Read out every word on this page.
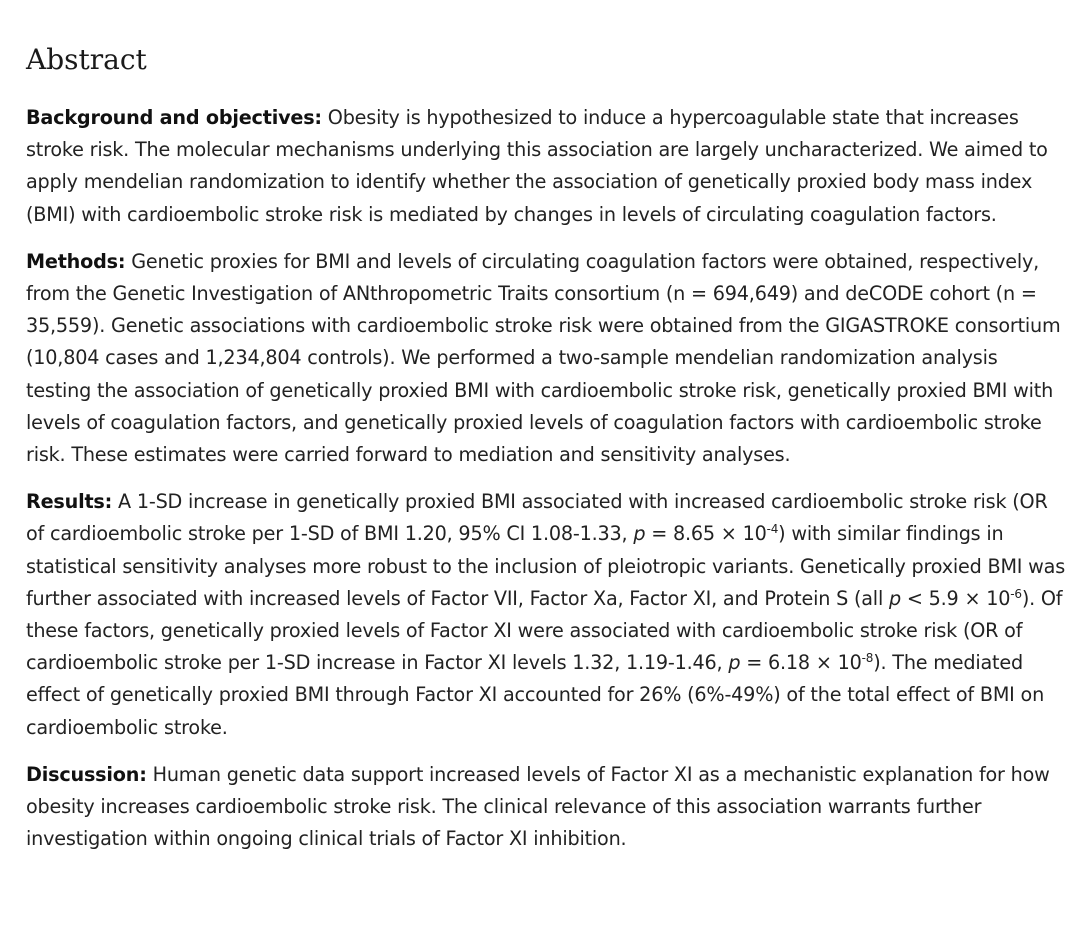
Abstract

Background and objectives: Obesity is hypothesized to induce a hypercoagulable state that increases stroke risk. The molecular mechanisms underlying this association are largely uncharacterized. We aimed to apply mendelian randomization to identify whether the association of genetically proxied body mass index (BMI) with cardioembolic stroke risk is mediated by changes in levels of circulating coagulation factors.

Methods: Genetic proxies for BMI and levels of circulating coagulation factors were obtained, respectively, from the Genetic Investigation of ANthropometric Traits consortium (n = 694,649) and deCODE cohort (n = 35,559). Genetic associations with cardioembolic stroke risk were obtained from the GIGASTROKE consortium (10,804 cases and 1,234,804 controls). We performed a two-sample mendelian randomization analysis testing the association of genetically proxied BMI with cardioembolic stroke risk, genetically proxied BMI with levels of coagulation factors, and genetically proxied levels of coagulation factors with cardioembolic stroke risk. These estimates were carried forward to mediation and sensitivity analyses.

Results: A 1-SD increase in genetically proxied BMI associated with increased cardioembolic stroke risk (OR of cardioembolic stroke per 1-SD of BMI 1.20, 95% CI 1.08-1.33, $p = 8.65 \times 10^{-4}$) with similar findings in statistical sensitivity analyses more robust to the inclusion of pleiotropic variants. Genetically proxied BMI was further associated with increased levels of Factor VII, Factor Xa, Factor XI, and Protein S (all $p < 5.9 \times 10^{-6}$). Of these factors, genetically proxied levels of Factor XI were associated with cardioembolic stroke risk (OR of cardioembolic stroke per 1-SD increase in Factor XI levels 1.32, 1.19-1.46, $p = 6.18 \times 10^{-8}$). The mediated effect of genetically proxied BMI through Factor XI accounted for 26% (6%-49%) of the total effect of BMI on cardioembolic stroke.

Discussion: Human genetic data support increased levels of Factor XI as a mechanistic explanation for how obesity increases cardioembolic stroke risk. The clinical relevance of this association warrants further investigation within ongoing clinical trials of Factor XI inhibition.
